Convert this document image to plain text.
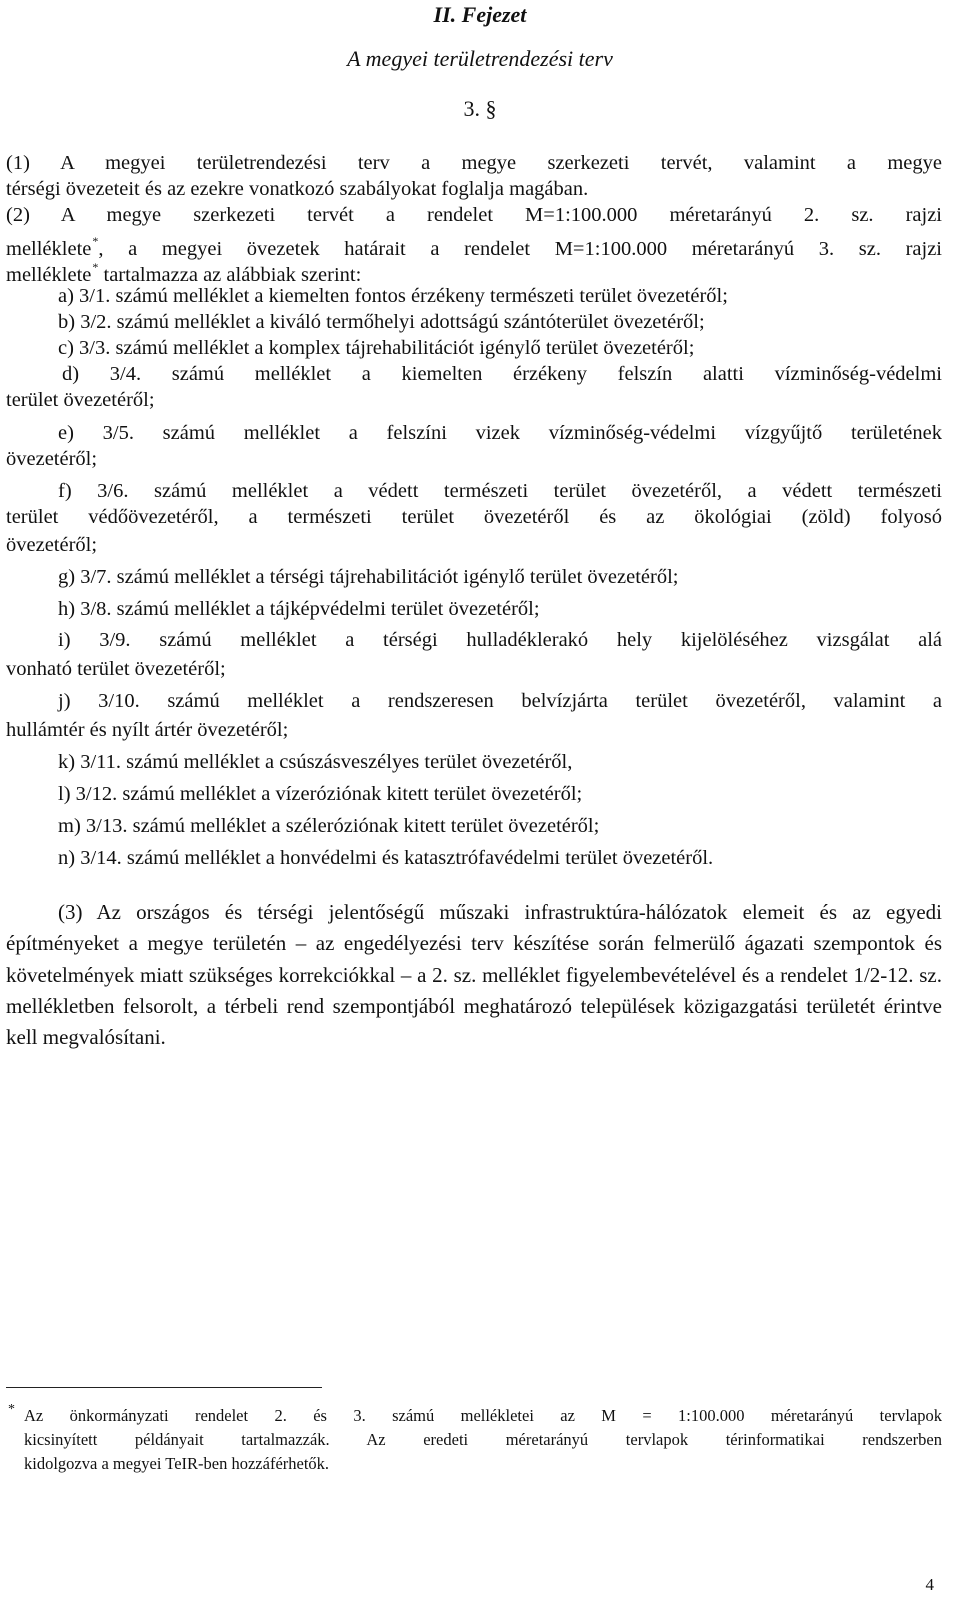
II. Fejezet
A megyei területrendezési terv
3. §
(1) A megyei területrendezési terv a megye szerkezeti tervét, valamint a megye
térségi övezeteit és az ezekre vonatkozó szabályokat foglalja magában.
(2) A megye szerkezeti tervét a rendelet M=1:100.000 méretarányú 2. sz. rajzi
melléklete*, a megyei övezetek határait a rendelet M=1:100.000 méretarányú 3. sz. rajzi
melléklete* tartalmazza az alábbiak szerint:
a) 3/1. számú melléklet a kiemelten fontos érzékeny természeti terület övezetéről;
b) 3/2. számú melléklet a kiváló termőhelyi adottságú szántóterület övezetéről;
c) 3/3. számú melléklet a komplex tájrehabilitációt igénylő terület övezetéről;
d) 3/4. számú melléklet a kiemelten érzékeny felszín alatti vízminőség-védelmi
terület övezetéről;
e) 3/5. számú melléklet a felszíni vizek vízminőség-védelmi vízgyűjtő területének
övezetéről;
f) 3/6. számú melléklet a védett természeti terület övezetéről, a védett természeti
terület védőövezetéről, a természeti terület övezetéről és az ökológiai (zöld) folyosó
övezetéről;
g) 3/7. számú melléklet a térségi tájrehabilitációt igénylő terület övezetéről;
h) 3/8. számú melléklet a tájképvédelmi terület övezetéről;
i) 3/9. számú melléklet a térségi hulladéklerakó hely kijelöléséhez vizsgálat alá
vonható terület övezetéről;
j) 3/10. számú melléklet a rendszeresen belvízjárta terület övezetéről, valamint a
hullámtér és nyílt ártér övezetéről;
k) 3/11. számú melléklet a csúszásveszélyes terület övezetéről,
l) 3/12. számú melléklet a vízeróziónak kitett terület övezetéről;
m) 3/13. számú melléklet a széleróziónak kitett terület övezetéről;
n) 3/14. számú melléklet a honvédelmi és katasztrófavédelmi terület övezetéről.
(3) Az országos és térségi jelentőségű műszaki infrastruktúra-hálózatok elemeit és az egyedi építményeket a megye területén – az engedélyezési terv készítése során felmerülő ágazati szempontok és követelmények miatt szükséges korrekciókkal – a 2. sz. melléklet figyelembevételével és a rendelet 1/2-12. sz. mellékletben felsorolt, a térbeli rend szempontjából meghatározó települések közigazgatási területét érintve kell megvalósítani.
* Az önkormányzati rendelet 2. és 3. számú mellékletei az M = 1:100.000 méretarányú tervlapok
kicsinyített példányait tartalmazzák. Az eredeti méretarányú tervlapok térinformatikai rendszerben
kidolgozva a megyei TeIR-ben hozzáférhetők.
4
